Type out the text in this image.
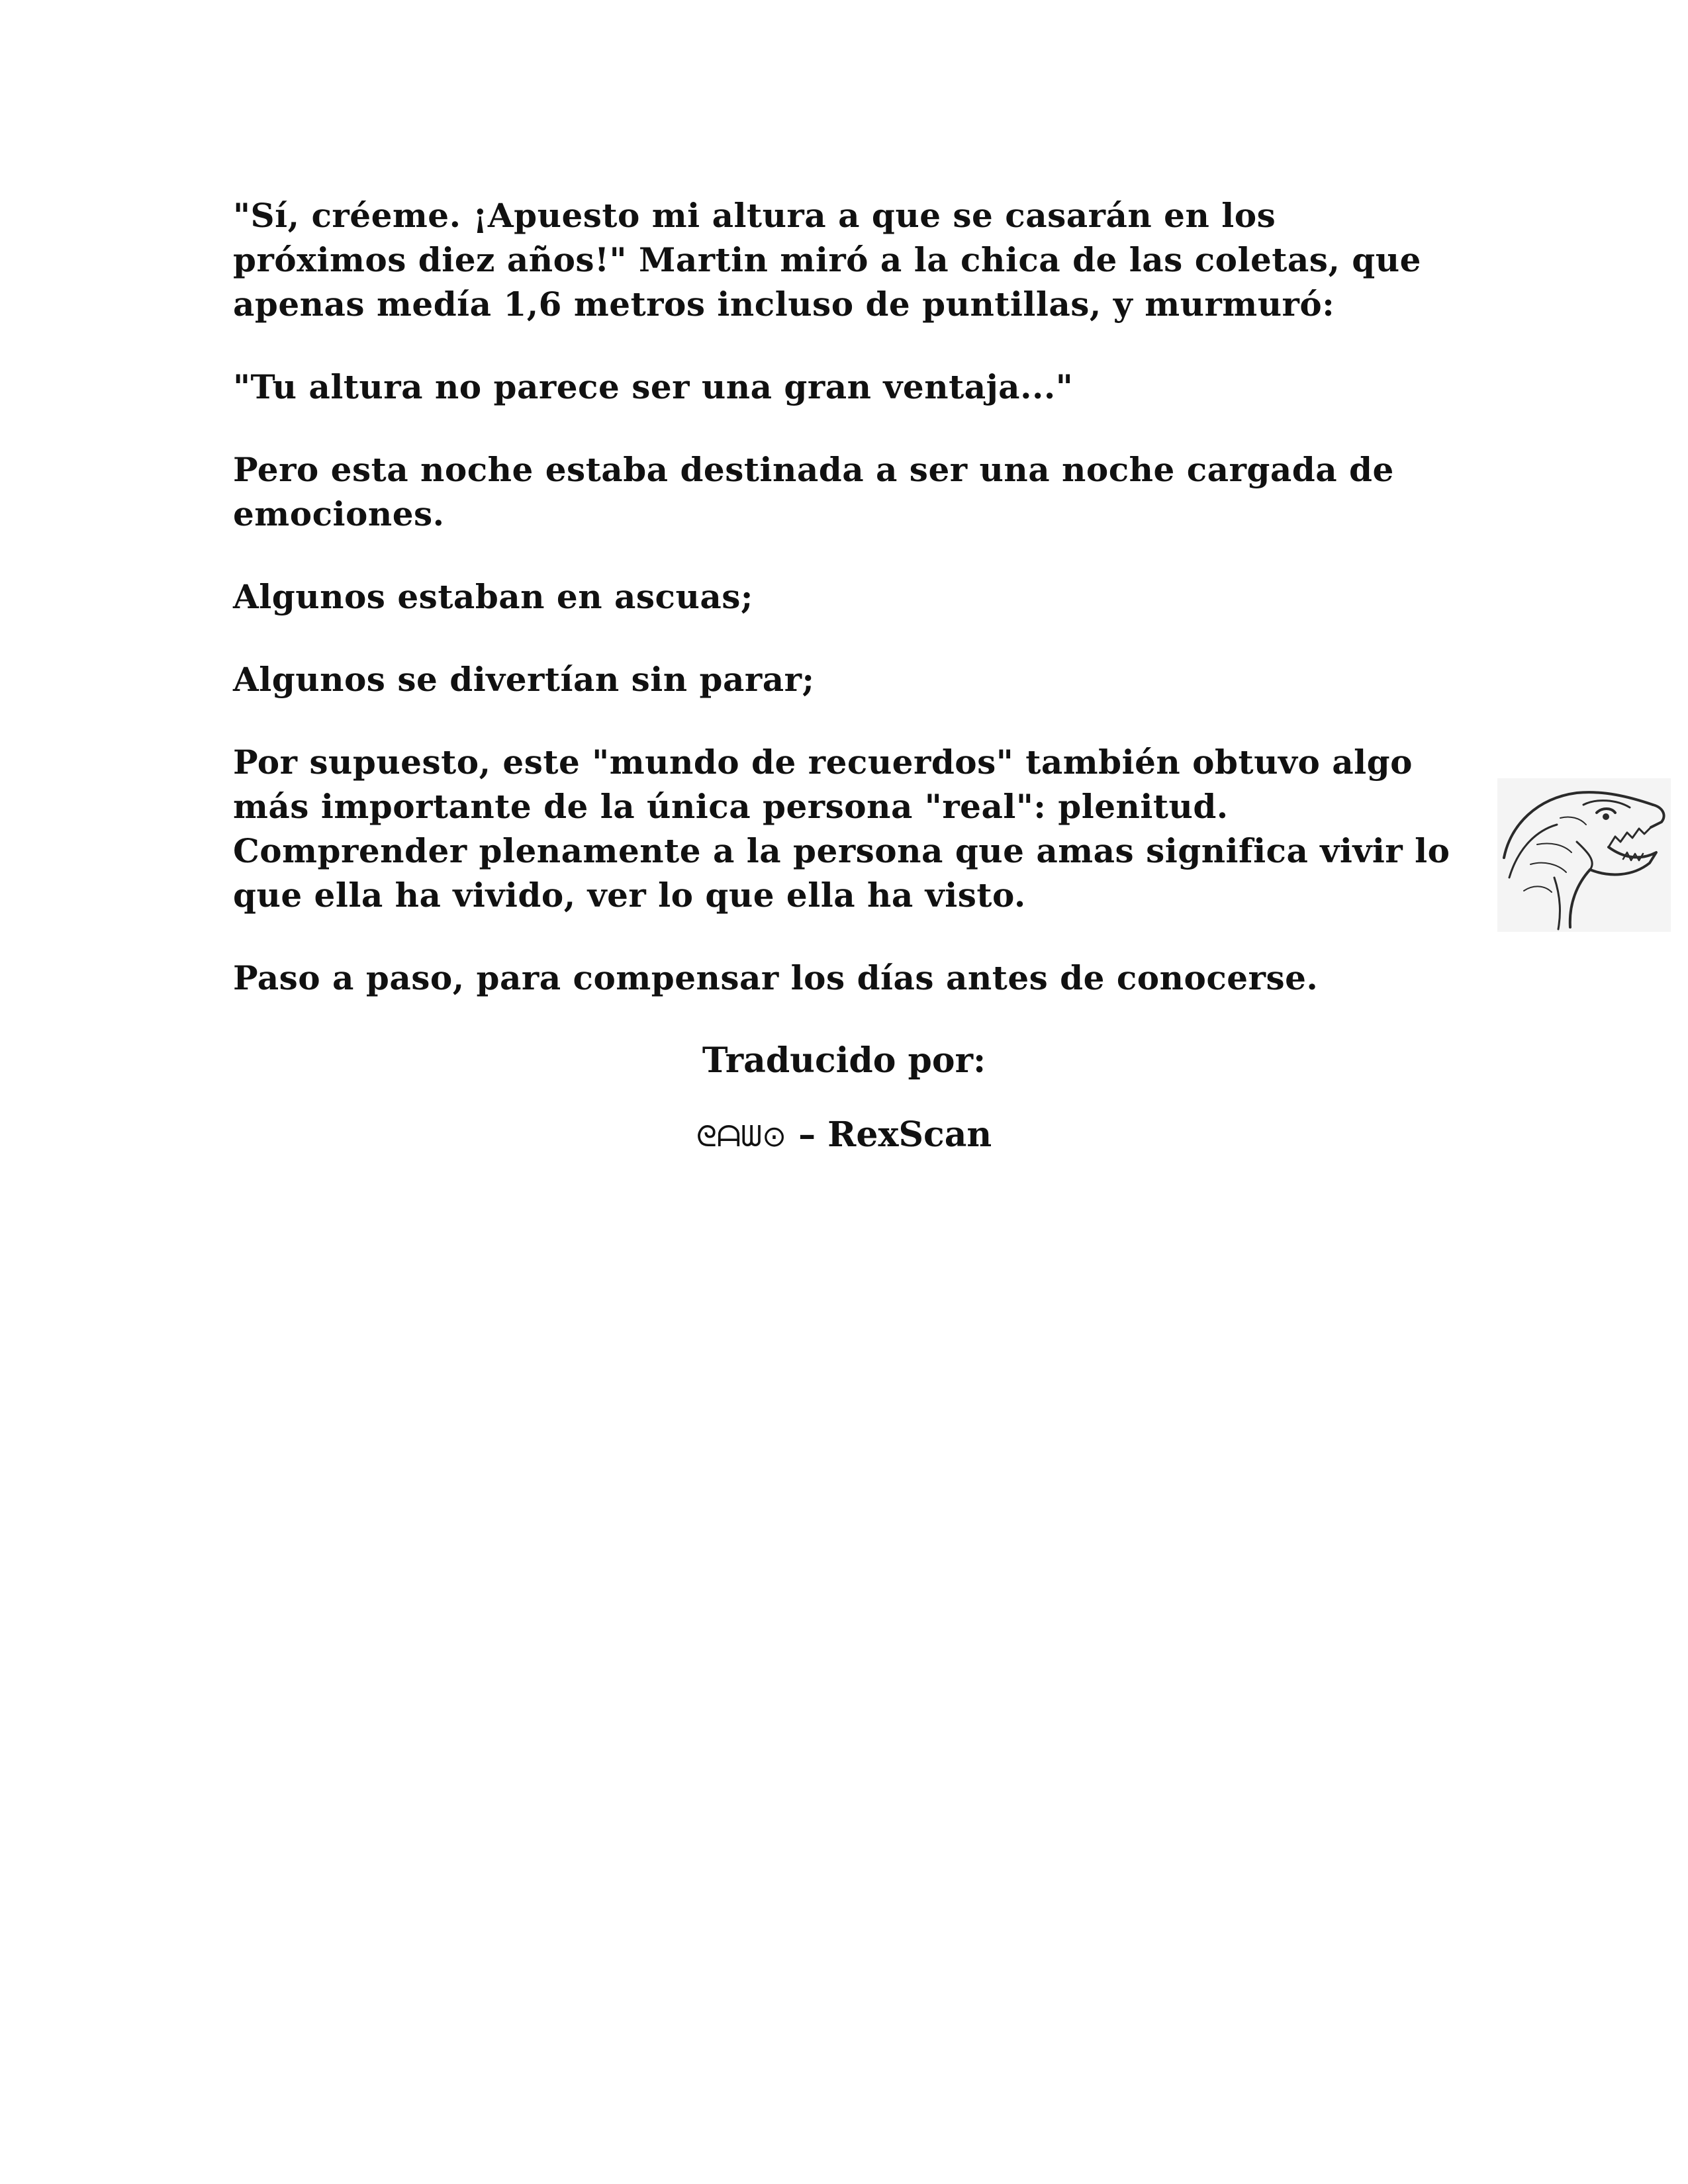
"Sí, créeme. ¡Apuesto mi altura a que se casarán en los próximos diez años!" Martin miró a la chica de las coletas, que apenas medía 1,6 metros incluso de puntillas, y murmuró:

"Tu altura no parece ser una gran ventaja..."

Pero esta noche estaba destinada a ser una noche cargada de emociones.

Algunos estaban en ascuas;

Algunos se divertían sin parar;

Por supuesto, este "mundo de recuerdos" también obtuvo algo más importante de la única persona "real": plenitud. Comprender plenamente a la persona que amas significa vivir lo que ella ha vivido, ver lo que ella ha visto.

Paso a paso, para compensar los días antes de conocerse.

Traducido por:
ᘓᗩᗯ⊙ – RexScan
